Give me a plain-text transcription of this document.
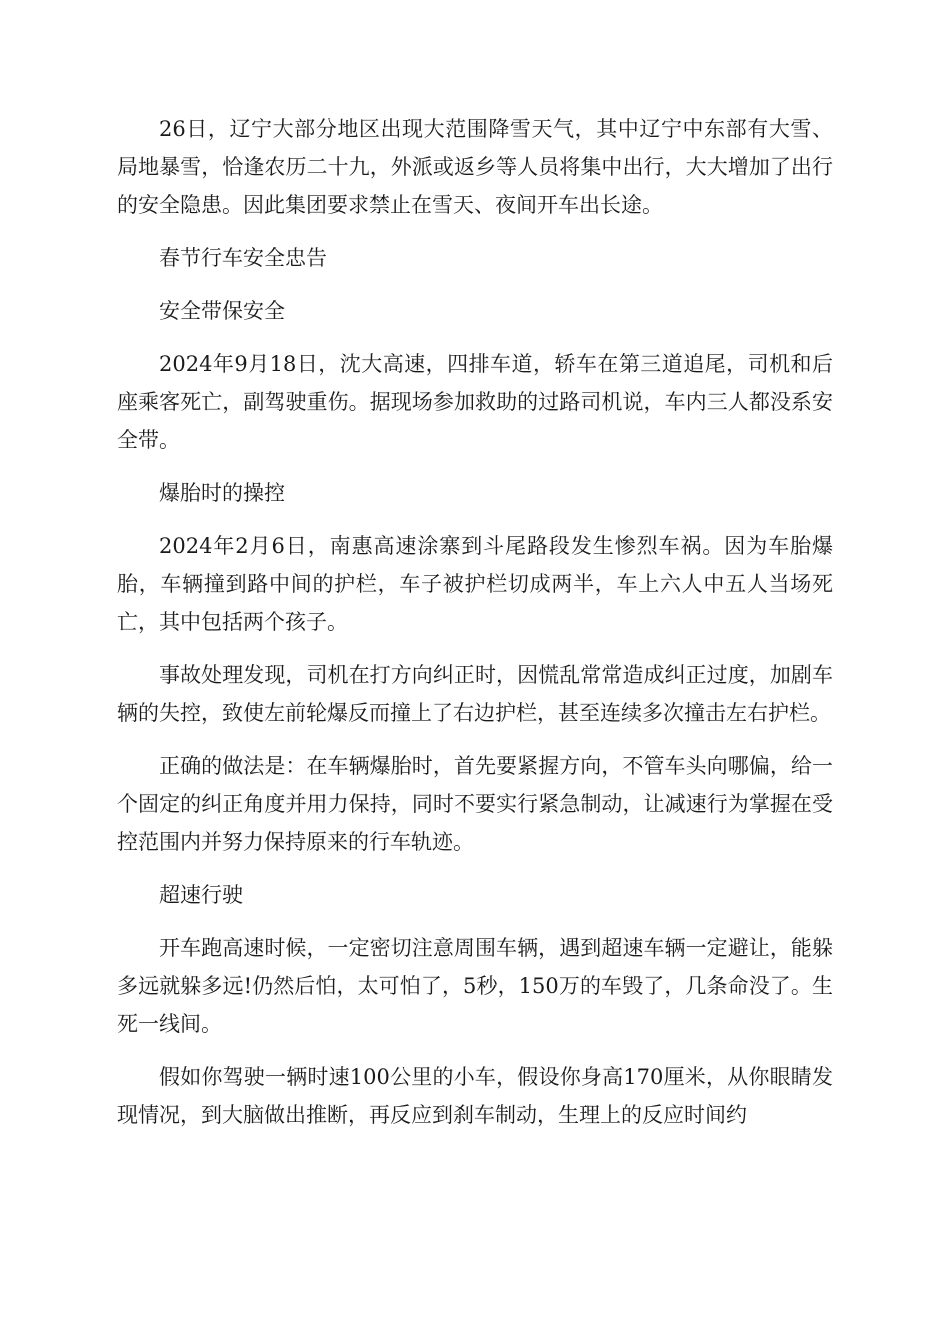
26日，辽宁大部分地区出现大范围降雪天气，其中辽宁中东部有大雪、局地暴雪，恰逢农历二十九，外派或返乡等人员将集中出行，大大增加了出行的安全隐患。因此集团要求禁止在雪天、夜间开车出长途。

春节行车安全忠告

安全带保安全

2024年9月18日，沈大高速，四排车道，轿车在第三道追尾，司机和后座乘客死亡，副驾驶重伤。据现场参加救助的过路司机说，车内三人都没系安全带。

爆胎时的操控

2024年2月6日，南惠高速涂寨到斗尾路段发生惨烈车祸。因为车胎爆胎，车辆撞到路中间的护栏，车子被护栏切成两半，车上六人中五人当场死亡，其中包括两个孩子。

事故处理发现，司机在打方向纠正时，因慌乱常常造成纠正过度，加剧车辆的失控，致使左前轮爆反而撞上了右边护栏，甚至连续多次撞击左右护栏。

正确的做法是：在车辆爆胎时，首先要紧握方向，不管车头向哪偏，给一个固定的纠正角度并用力保持，同时不要实行紧急制动，让减速行为掌握在受控范围内并努力保持原来的行车轨迹。

超速行驶

开车跑高速时候，一定密切注意周围车辆，遇到超速车辆一定避让，能躲多远就躲多远!仍然后怕，太可怕了，5秒，150万的车毁了，几条命没了。生死一线间。

假如你驾驶一辆时速100公里的小车，假设你身高170厘米，从你眼睛发现情况，到大脑做出推断，再反应到刹车制动，生理上的反应时间约
